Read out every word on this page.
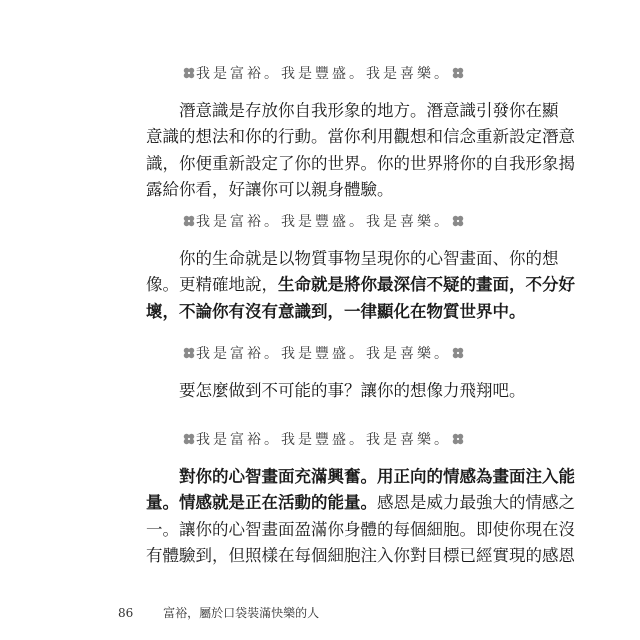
我是富裕。我是豐盛。我是喜樂。

潛意識是存放你自我形象的地方。潛意識引發你在顯
意識的想法和你的行動。當你利用觀想和信念重新設定潛意
識，你便重新設定了你的世界。你的世界將你的自我形象揭
露給你看，好讓你可以親身體驗。

我是富裕。我是豐盛。我是喜樂。

你的生命就是以物質事物呈現你的心智畫面、你的想
像。更精確地說，生命就是將你最深信不疑的畫面，不分好
壞，不論你有沒有意識到，一律顯化在物質世界中。

我是富裕。我是豐盛。我是喜樂。

要怎麼做到不可能的事？讓你的想像力飛翔吧。

我是富裕。我是豐盛。我是喜樂。

對你的心智畫面充滿興奮。用正向的情感為畫面注入能
量。情感就是正在活動的能量。感恩是威力最強大的情感之
一。讓你的心智畫面盈滿你身體的每個細胞。即使你現在沒
有體驗到，但照樣在每個細胞注入你對目標已經實現的感恩

86 富裕，屬於口袋裝滿快樂的人
